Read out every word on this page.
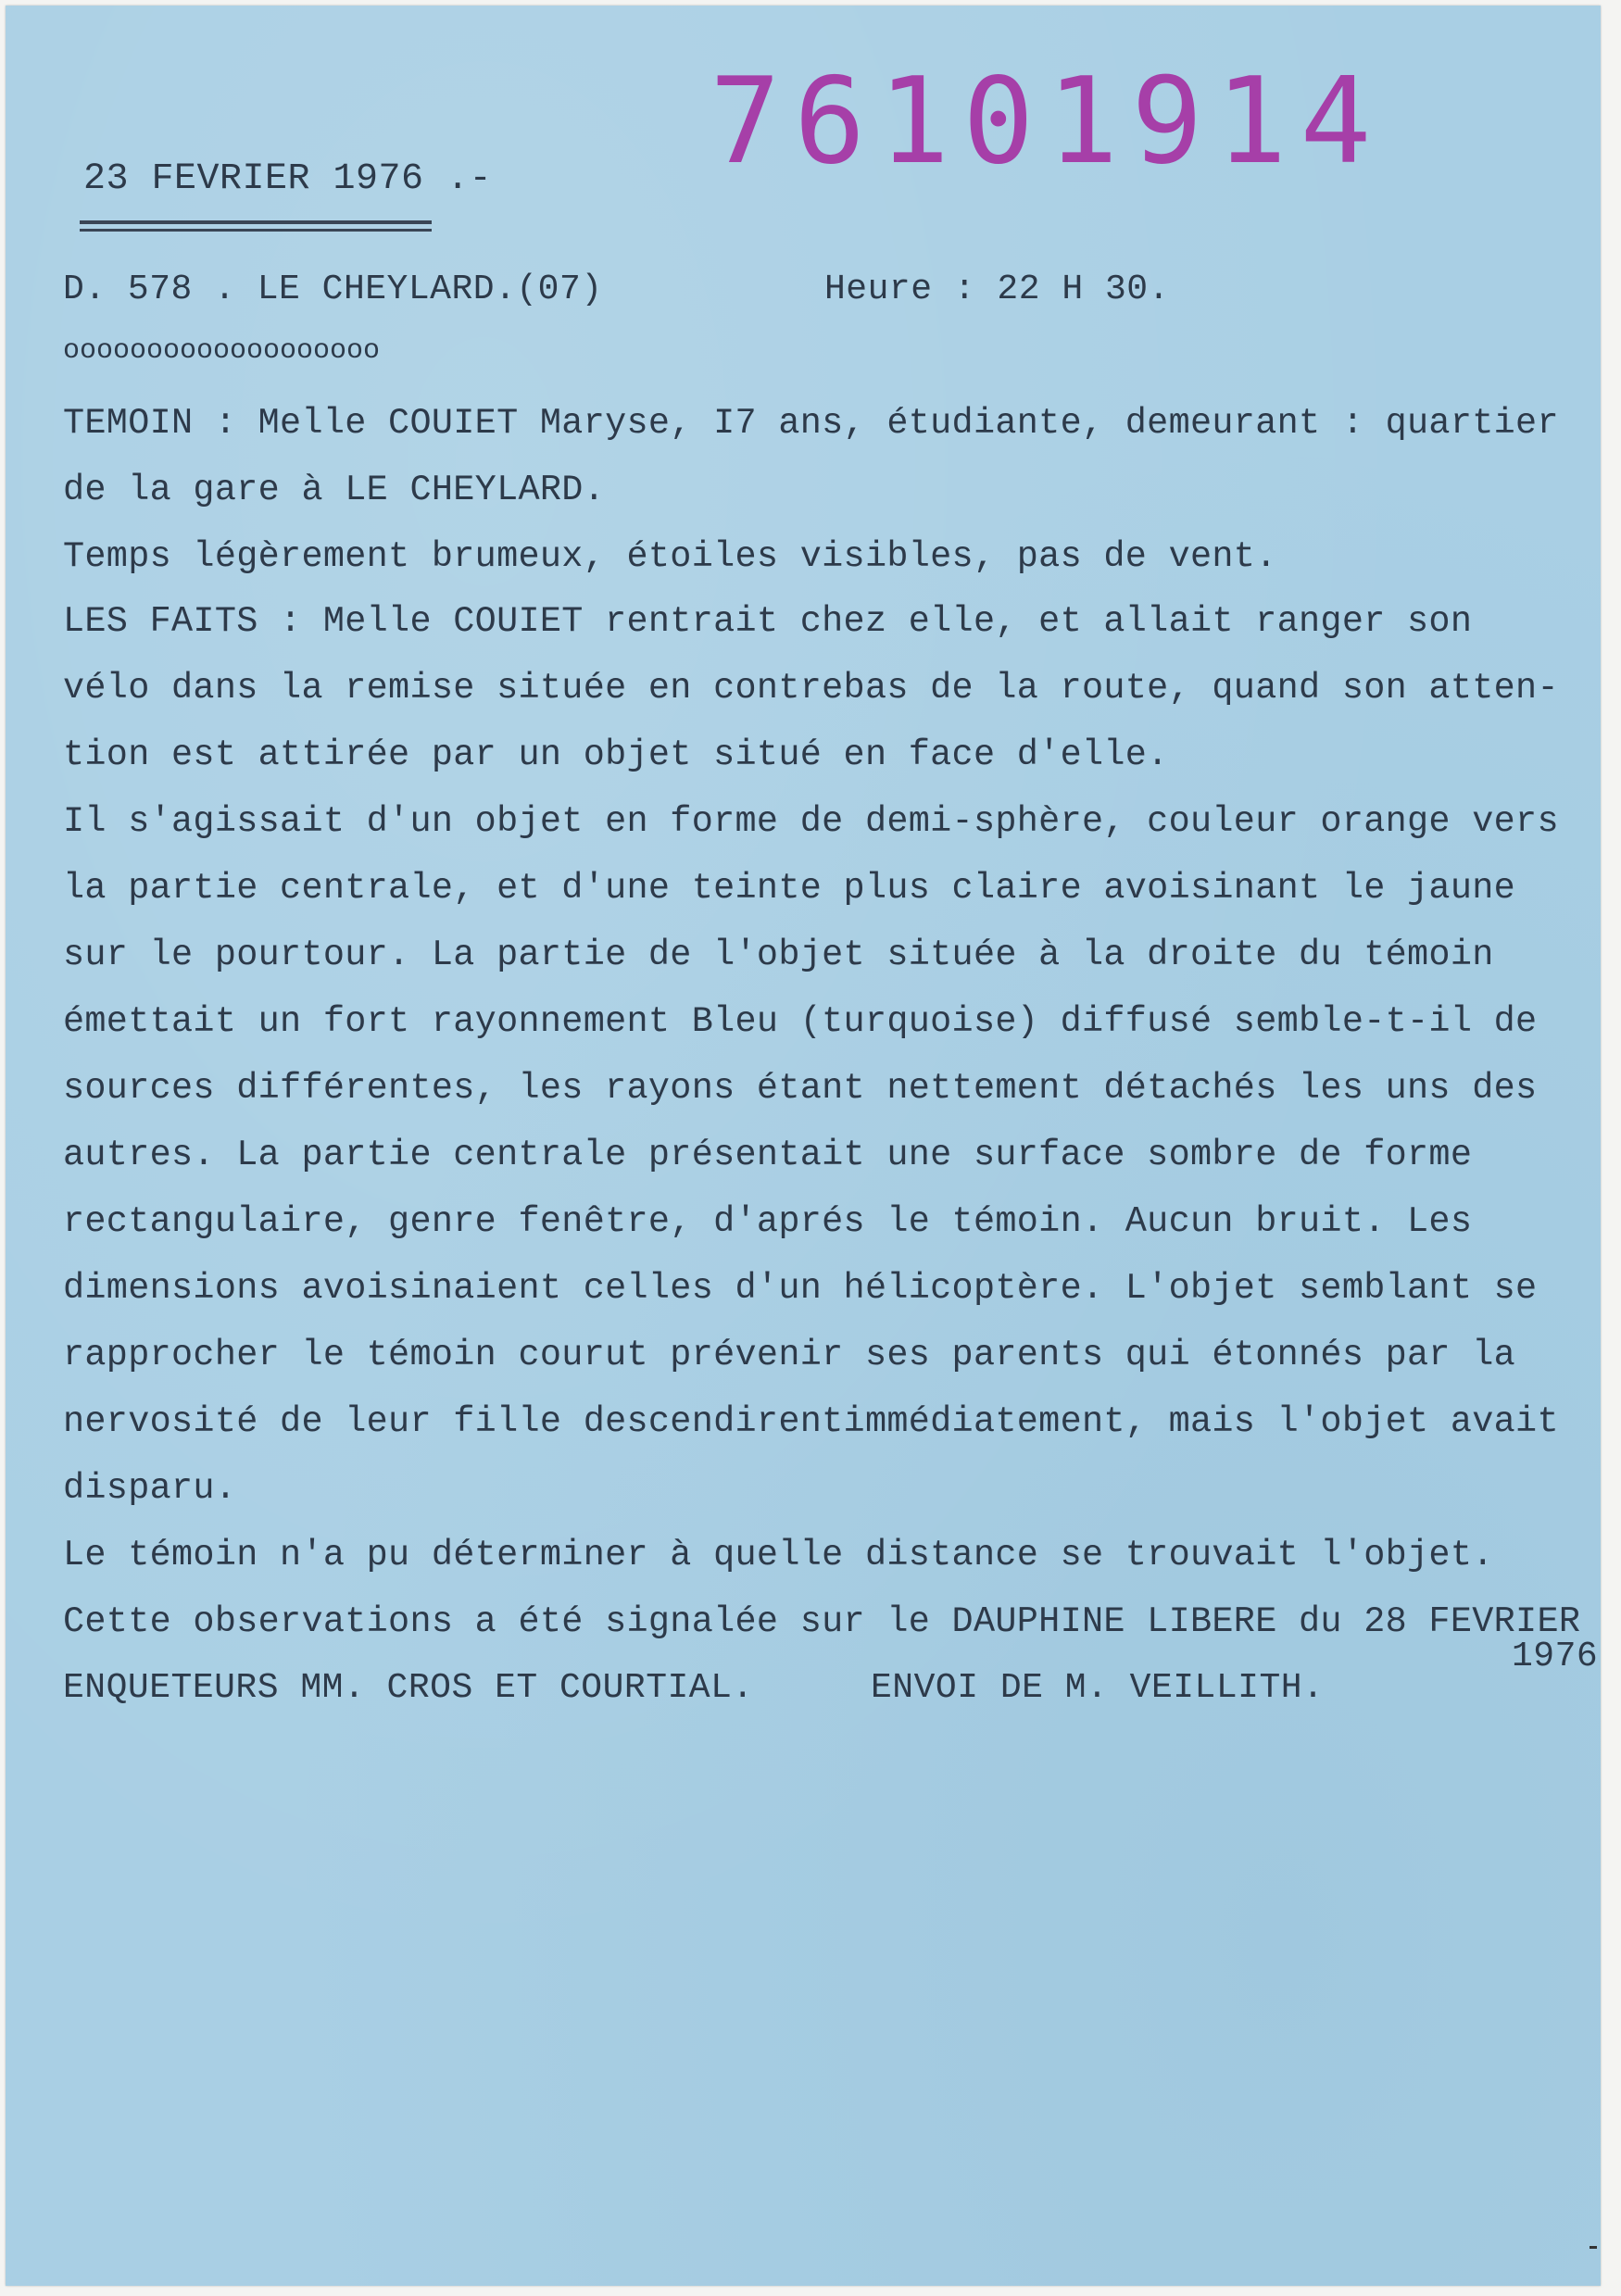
76101914
23 FEVRIER 1976 .-
D. 578 . LE CHEYLARD.(07)	Heure : 22 H 30.
ooooooooooooooooooo
TEMOIN : Melle COUIET Maryse, I7 ans, étudiante, demeurant : quartier
de la gare à LE CHEYLARD.
Temps légèrement brumeux, étoiles visibles, pas de vent.
LES FAITS : Melle COUIET rentrait chez elle, et allait ranger son
vélo dans la remise située en contrebas de la route, quand son atten-
tion est attirée par un objet situé en face d'elle.
Il s'agissait d'un objet en forme de demi-sphère, couleur orange vers
la partie centrale, et d'une teinte plus claire avoisinant le jaune
sur le pourtour. La partie de l'objet située à la droite du témoin
émettait un fort rayonnement Bleu (turquoise) diffusé semble-t-il de
sources différentes, les rayons étant nettement détachés les uns des
autres. La partie centrale présentait une surface sombre de forme
rectangulaire, genre fenêtre, d'aprés le témoin. Aucun bruit. Les
dimensions avoisinaient celles d'un hélicoptère. L'objet semblant se
rapprocher le témoin courut prévenir ses parents qui étonnés par la
nervosité de leur fille descendirentimmédiatement, mais l'objet avait
disparu.
Le témoin n'a pu déterminer à quelle distance se trouvait l'objet.
Cette observations a été signalée sur le DAUPHINE LIBERE du 28 FEVRIER
1976
ENQUETEURS MM. CROS ET COURTIAL.	ENVOI DE M. VEILLITH.
